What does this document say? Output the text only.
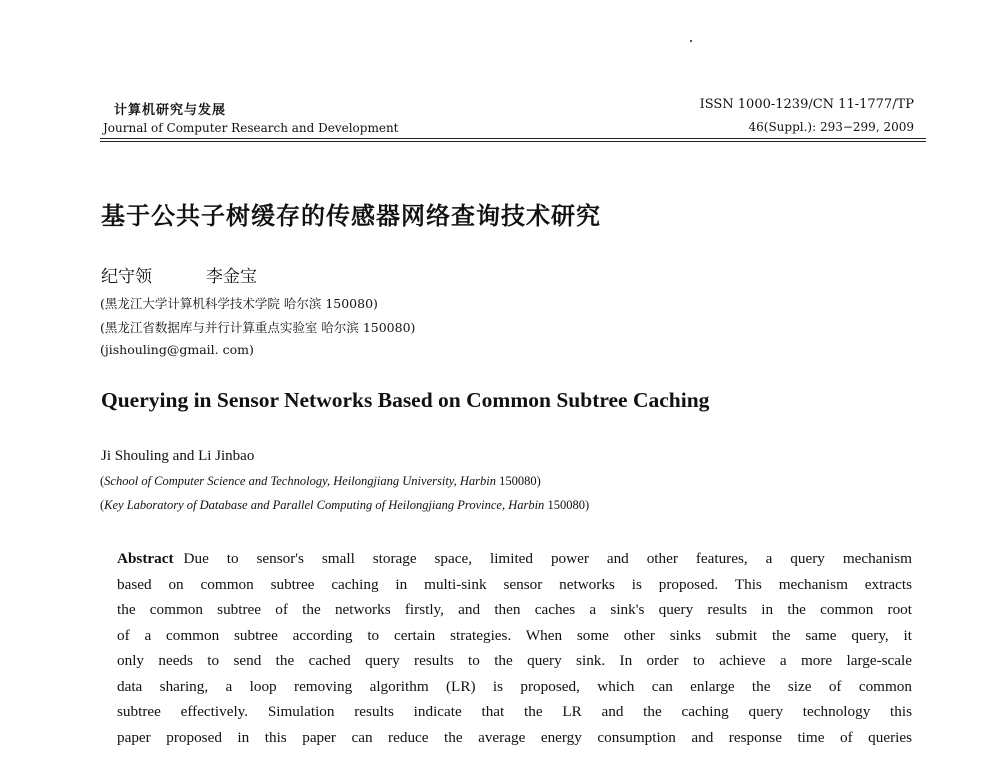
计算机研究与发展
Journal of Computer Research and Development
ISSN 1000-1239/CN 11-1777/TP
46(Suppl.): 293−299, 2009
基于公共子树缓存的传感器网络查询技术研究
纪守领	李金宝
(黑龙江大学计算机科学技术学院 哈尔滨 150080)
(黑龙江省数据库与并行计算重点实验室 哈尔滨 150080)
(jishouling@gmail. com)
Querying in Sensor Networks Based on Common Subtree Caching
Ji Shouling and Li Jinbao
(School of Computer Science and Technology, Heilongjiang University, Harbin 150080)
(Key Laboratory of Database and Parallel Computing of Heilongjiang Province, Harbin 150080)
Abstract Due to sensor's small storage space, limited power and other features, a query mechanism
based on common subtree caching in multi-sink sensor networks is proposed. This mechanism extracts
the common subtree of the networks firstly, and then caches a sink's query results in the common root
of a common subtree according to certain strategies. When some other sinks submit the same query, it
only needs to send the cached query results to the query sink. In order to achieve a more large-scale
data sharing, a loop removing algorithm (LR) is proposed, which can enlarge the size of common
subtree effectively. Simulation results indicate that the LR and the caching query technology this
paper proposed in this paper can reduce the average energy consumption and response time of queries
